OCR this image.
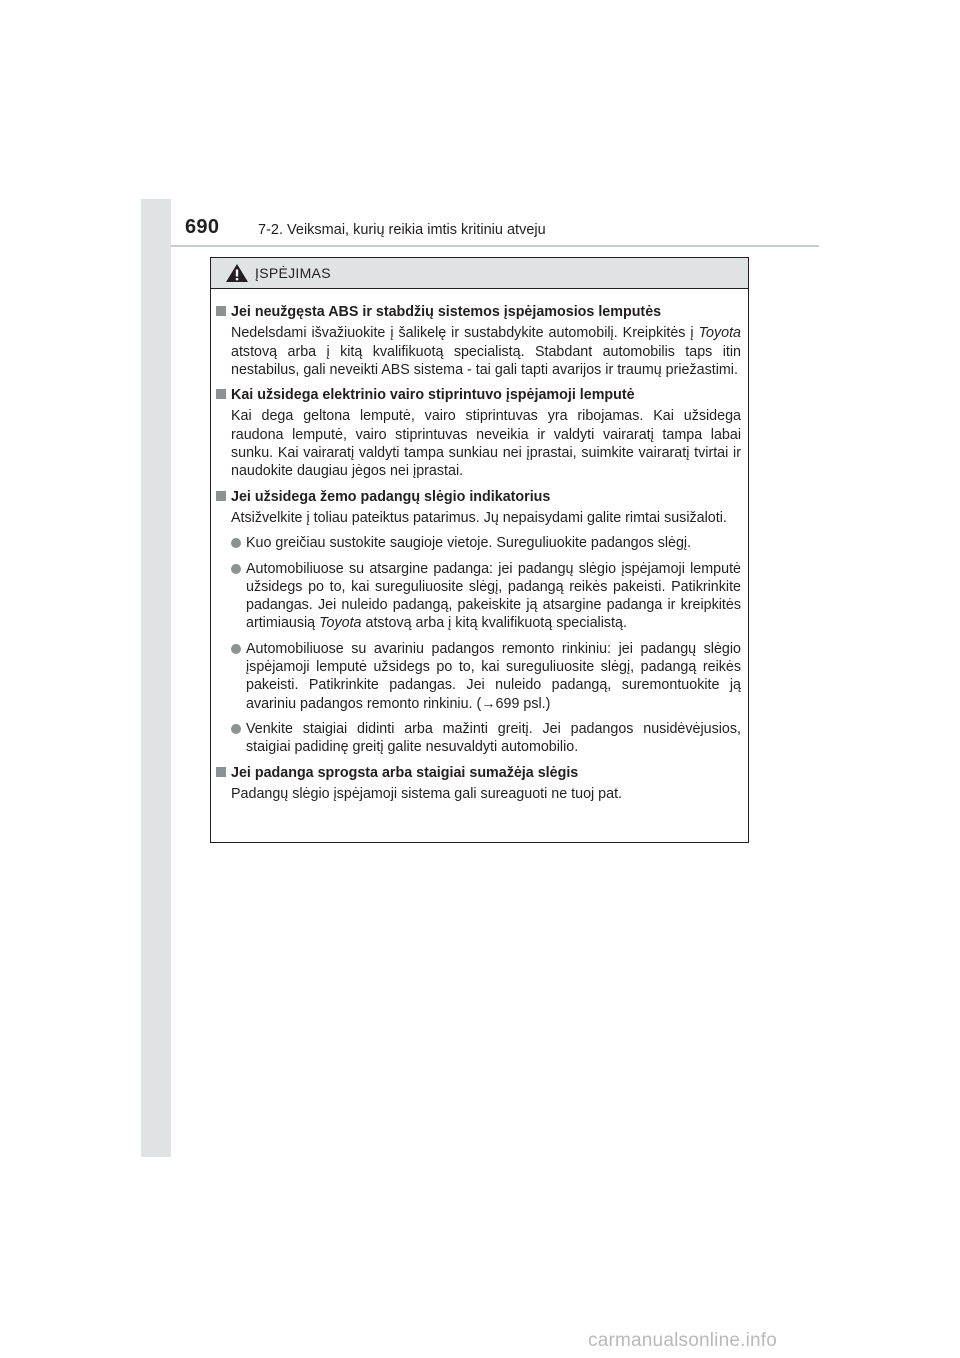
690	7-2. Veiksmai, kurių reikia imtis kritiniu atveju
ĮSPĖJIMAS
Jei neužgęsta ABS ir stabdžių sistemos įspėjamosios lemputės
Nedelsdami išvažiuokite į šalikelę ir sustabdykite automobilį. Kreipkitės į Toyota atstovą arba į kitą kvalifikuotą specialistą. Stabdant automobilis taps itin nestabilus, gali neveikti ABS sistema - tai gali tapti avarijos ir traumų priežastimi.
Kai užsidega elektrinio vairo stiprintuvo įspėjamoji lemputė
Kai dega geltona lemputė, vairo stiprintuvas yra ribojamas. Kai užsidega raudona lemputė, vairo stiprintuvas neveikia ir valdyti vairaratį tampa labai sunku. Kai vairaratį valdyti tampa sunkiau nei įprastai, suimkite vairaratį tvirtai ir naudokite daugiau jėgos nei įprastai.
Jei užsidega žemo padangų slėgio indikatorius
Atsižvelkite į toliau pateiktus patarimus. Jų nepaisydami galite rimtai susižaloti.
Kuo greičiau sustokite saugioje vietoje. Sureguliuokite padangos slėgį.
Automobiliuose su atsargine padanga: jei padangų slėgio įspėjamoji lemputė užsidegs po to, kai sureguliuosite slėgį, padangą reikės pakeisti. Patikrinkite padangas. Jei nuleido padangą, pakeiskite ją atsargine padanga ir kreipkitės artimiausią Toyota atstovą arba į kitą kvalifikuotą specialistą.
Automobiliuose su avariniu padangos remonto rinkiniu: jei padangų slėgio įspėjamoji lemputė užsidegs po to, kai sureguliuosite slėgį, padangą reikės pakeisti. Patikrinkite padangas. Jei nuleido padangą, suremontuokite ją avariniu padangos remonto rinkiniu. (→699 psl.)
Venkite staigiai didinti arba mažinti greitį. Jei padangos nusidėvėjusios, staigiai padidinę greitį galite nesuvaldyti automobilio.
Jei padanga sprogsta arba staigiai sumažėja slėgis
Padangų slėgio įspėjamoji sistema gali sureaguoti ne tuoj pat.
carmanualsonline.info
